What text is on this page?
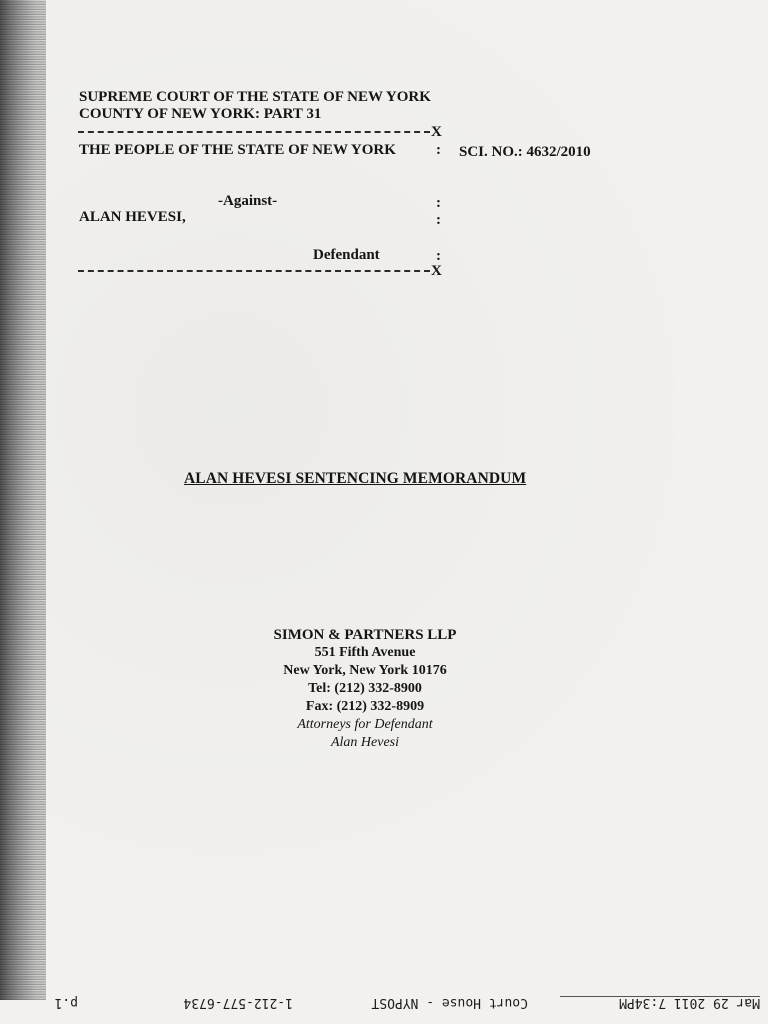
SUPREME COURT OF THE STATE OF NEW YORK
COUNTY OF NEW YORK: PART 31
X
THE PEOPLE OF THE STATE OF NEW YORK	: SCI. NO.: 4632/2010
-Against-	:
ALAN HEVESI,	:
Defendant	:
X
ALAN HEVESI SENTENCING MEMORANDUM
SIMON & PARTNERS LLP
551 Fifth Avenue
New York, New York 10176
Tel: (212) 332-8900
Fax: (212) 332-8909
Attorneys for Defendant
Alan Hevesi
Mar 29 2011 7:34PM
Court House - NYPOST
1-212-577-6734
p.1
